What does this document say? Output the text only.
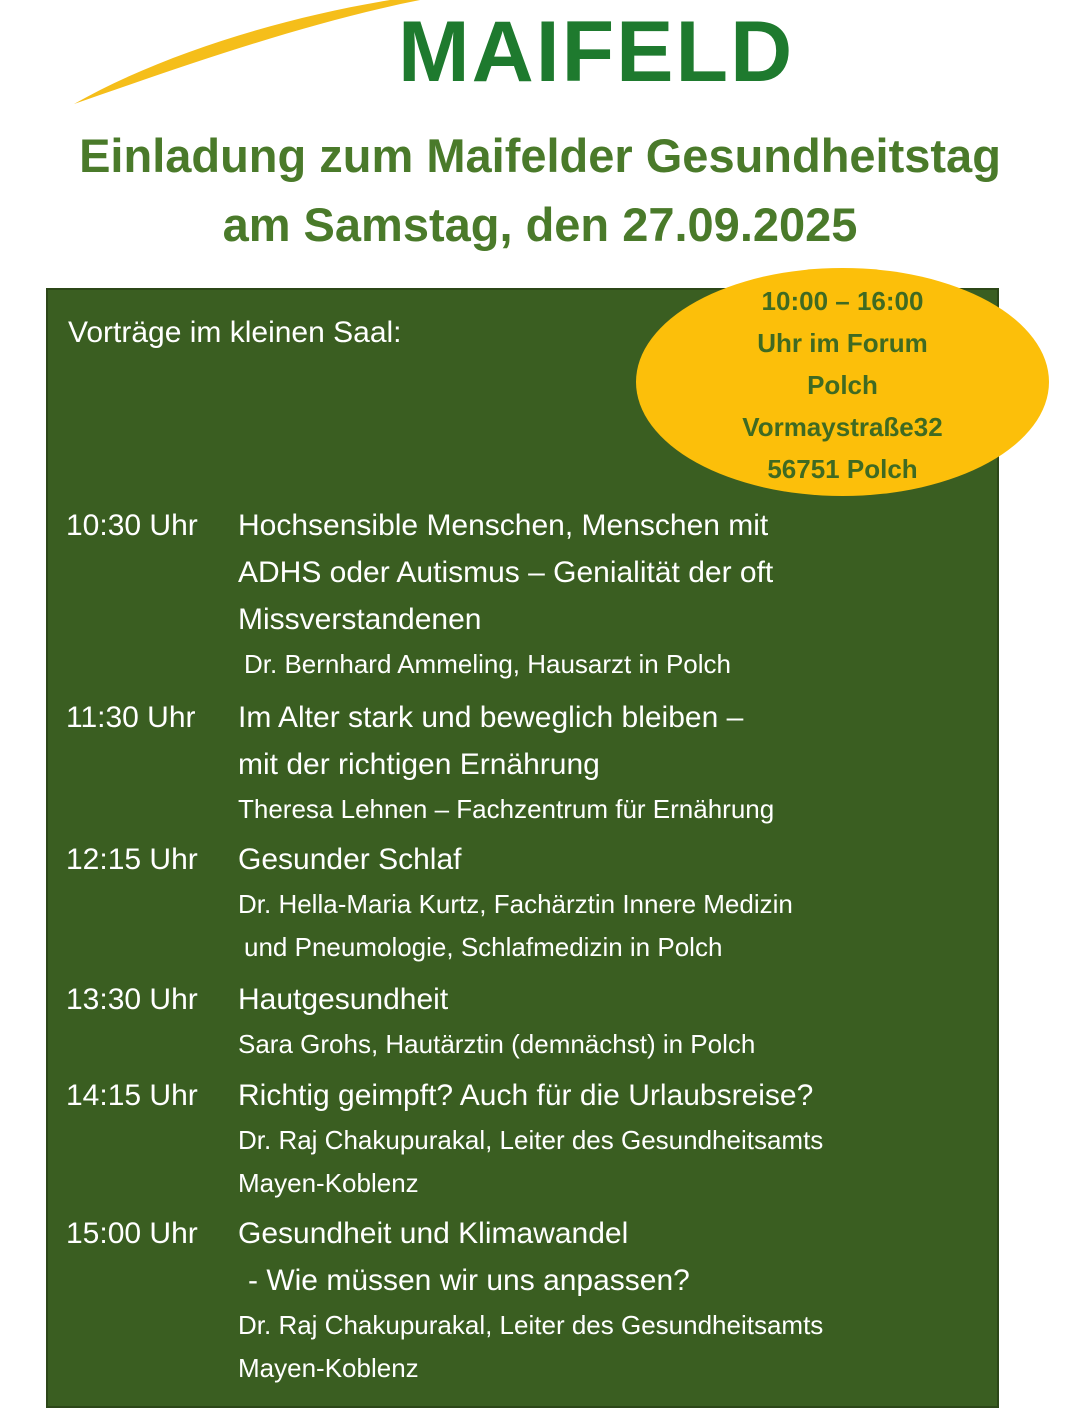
MAIFELD
Einladung zum Maifelder Gesundheitstag
am Samstag, den 27.09.2025
Vorträge im kleinen Saal:
10:30 Uhr Hochsensible Menschen, Menschen mit
ADHS oder Autismus – Genialität der oft
Missverstandenen
Dr. Bernhard Ammeling, Hausarzt in Polch
11:30 Uhr Im Alter stark und beweglich bleiben –
mit der richtigen Ernährung
Theresa Lehnen – Fachzentrum für Ernährung
12:15 Uhr Gesunder Schlaf
Dr. Hella-Maria Kurtz, Fachärztin Innere Medizin
und Pneumologie, Schlafmedizin in Polch
13:30 Uhr Hautgesundheit
Sara Grohs, Hautärztin (demnächst) in Polch
14:15 Uhr Richtig geimpft? Auch für die Urlaubsreise?
Dr. Raj Chakupurakal, Leiter des Gesundheitsamts
Mayen-Koblenz
15:00 Uhr Gesundheit und Klimawandel
- Wie müssen wir uns anpassen?
Dr. Raj Chakupurakal, Leiter des Gesundheitsamts
Mayen-Koblenz
10:00 – 16:00
Uhr im Forum
Polch
Vormaystraße32
56751 Polch
